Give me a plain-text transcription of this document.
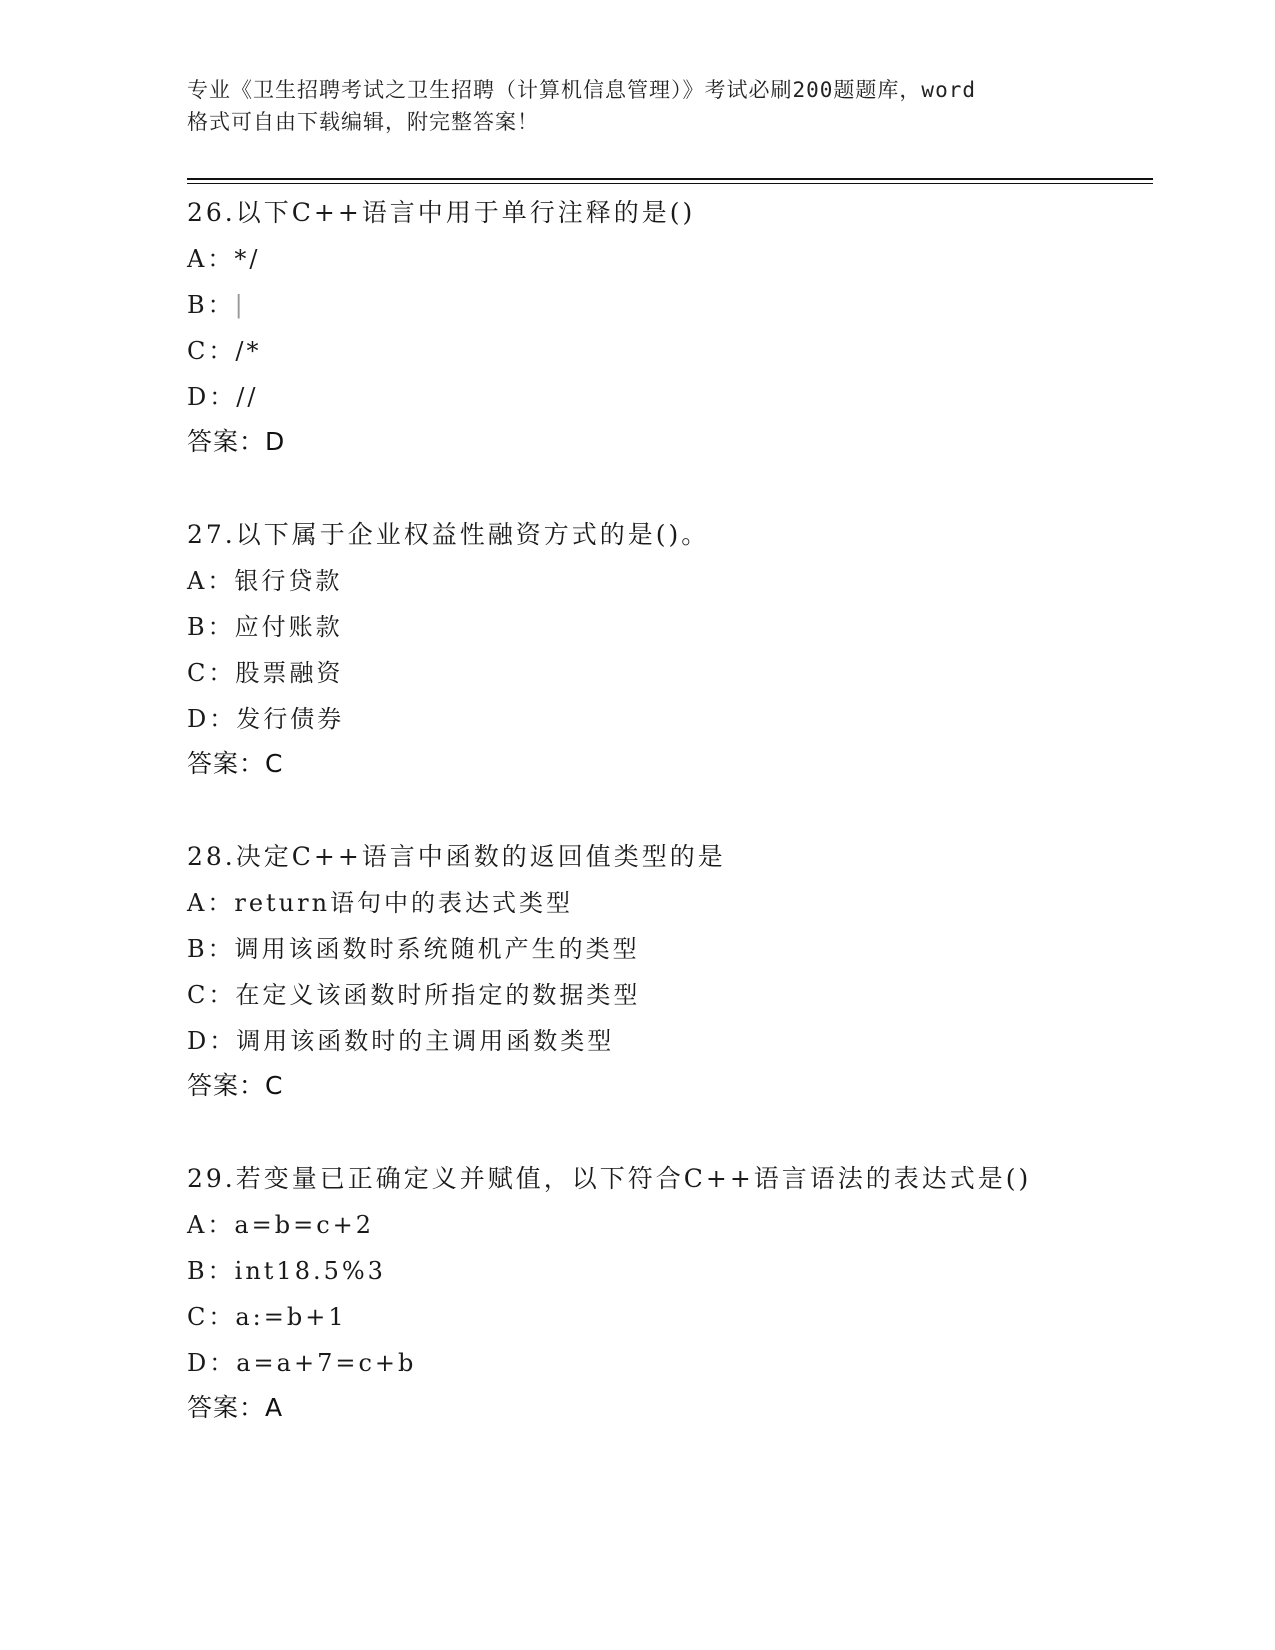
专业《卫生招聘考试之卫生招聘（计算机信息管理）》考试必刷200题题库，word
格式可自由下载编辑，附完整答案！
26.以下C++语言中用于单行注释的是()
A：*/
B：|
C：/*
D：//
答案：D
27.以下属于企业权益性融资方式的是()。
A：银行贷款
B：应付账款
C：股票融资
D：发行债券
答案：C
28.决定C++语言中函数的返回值类型的是
A：return语句中的表达式类型
B：调用该函数时系统随机产生的类型
C：在定义该函数时所指定的数据类型
D：调用该函数时的主调用函数类型
答案：C
29.若变量已正确定义并赋值，以下符合C++语言语法的表达式是()
A：a=b=c+2
B：int18.5%3
C：a:=b+1
D：a=a+7=c+b
答案：A
